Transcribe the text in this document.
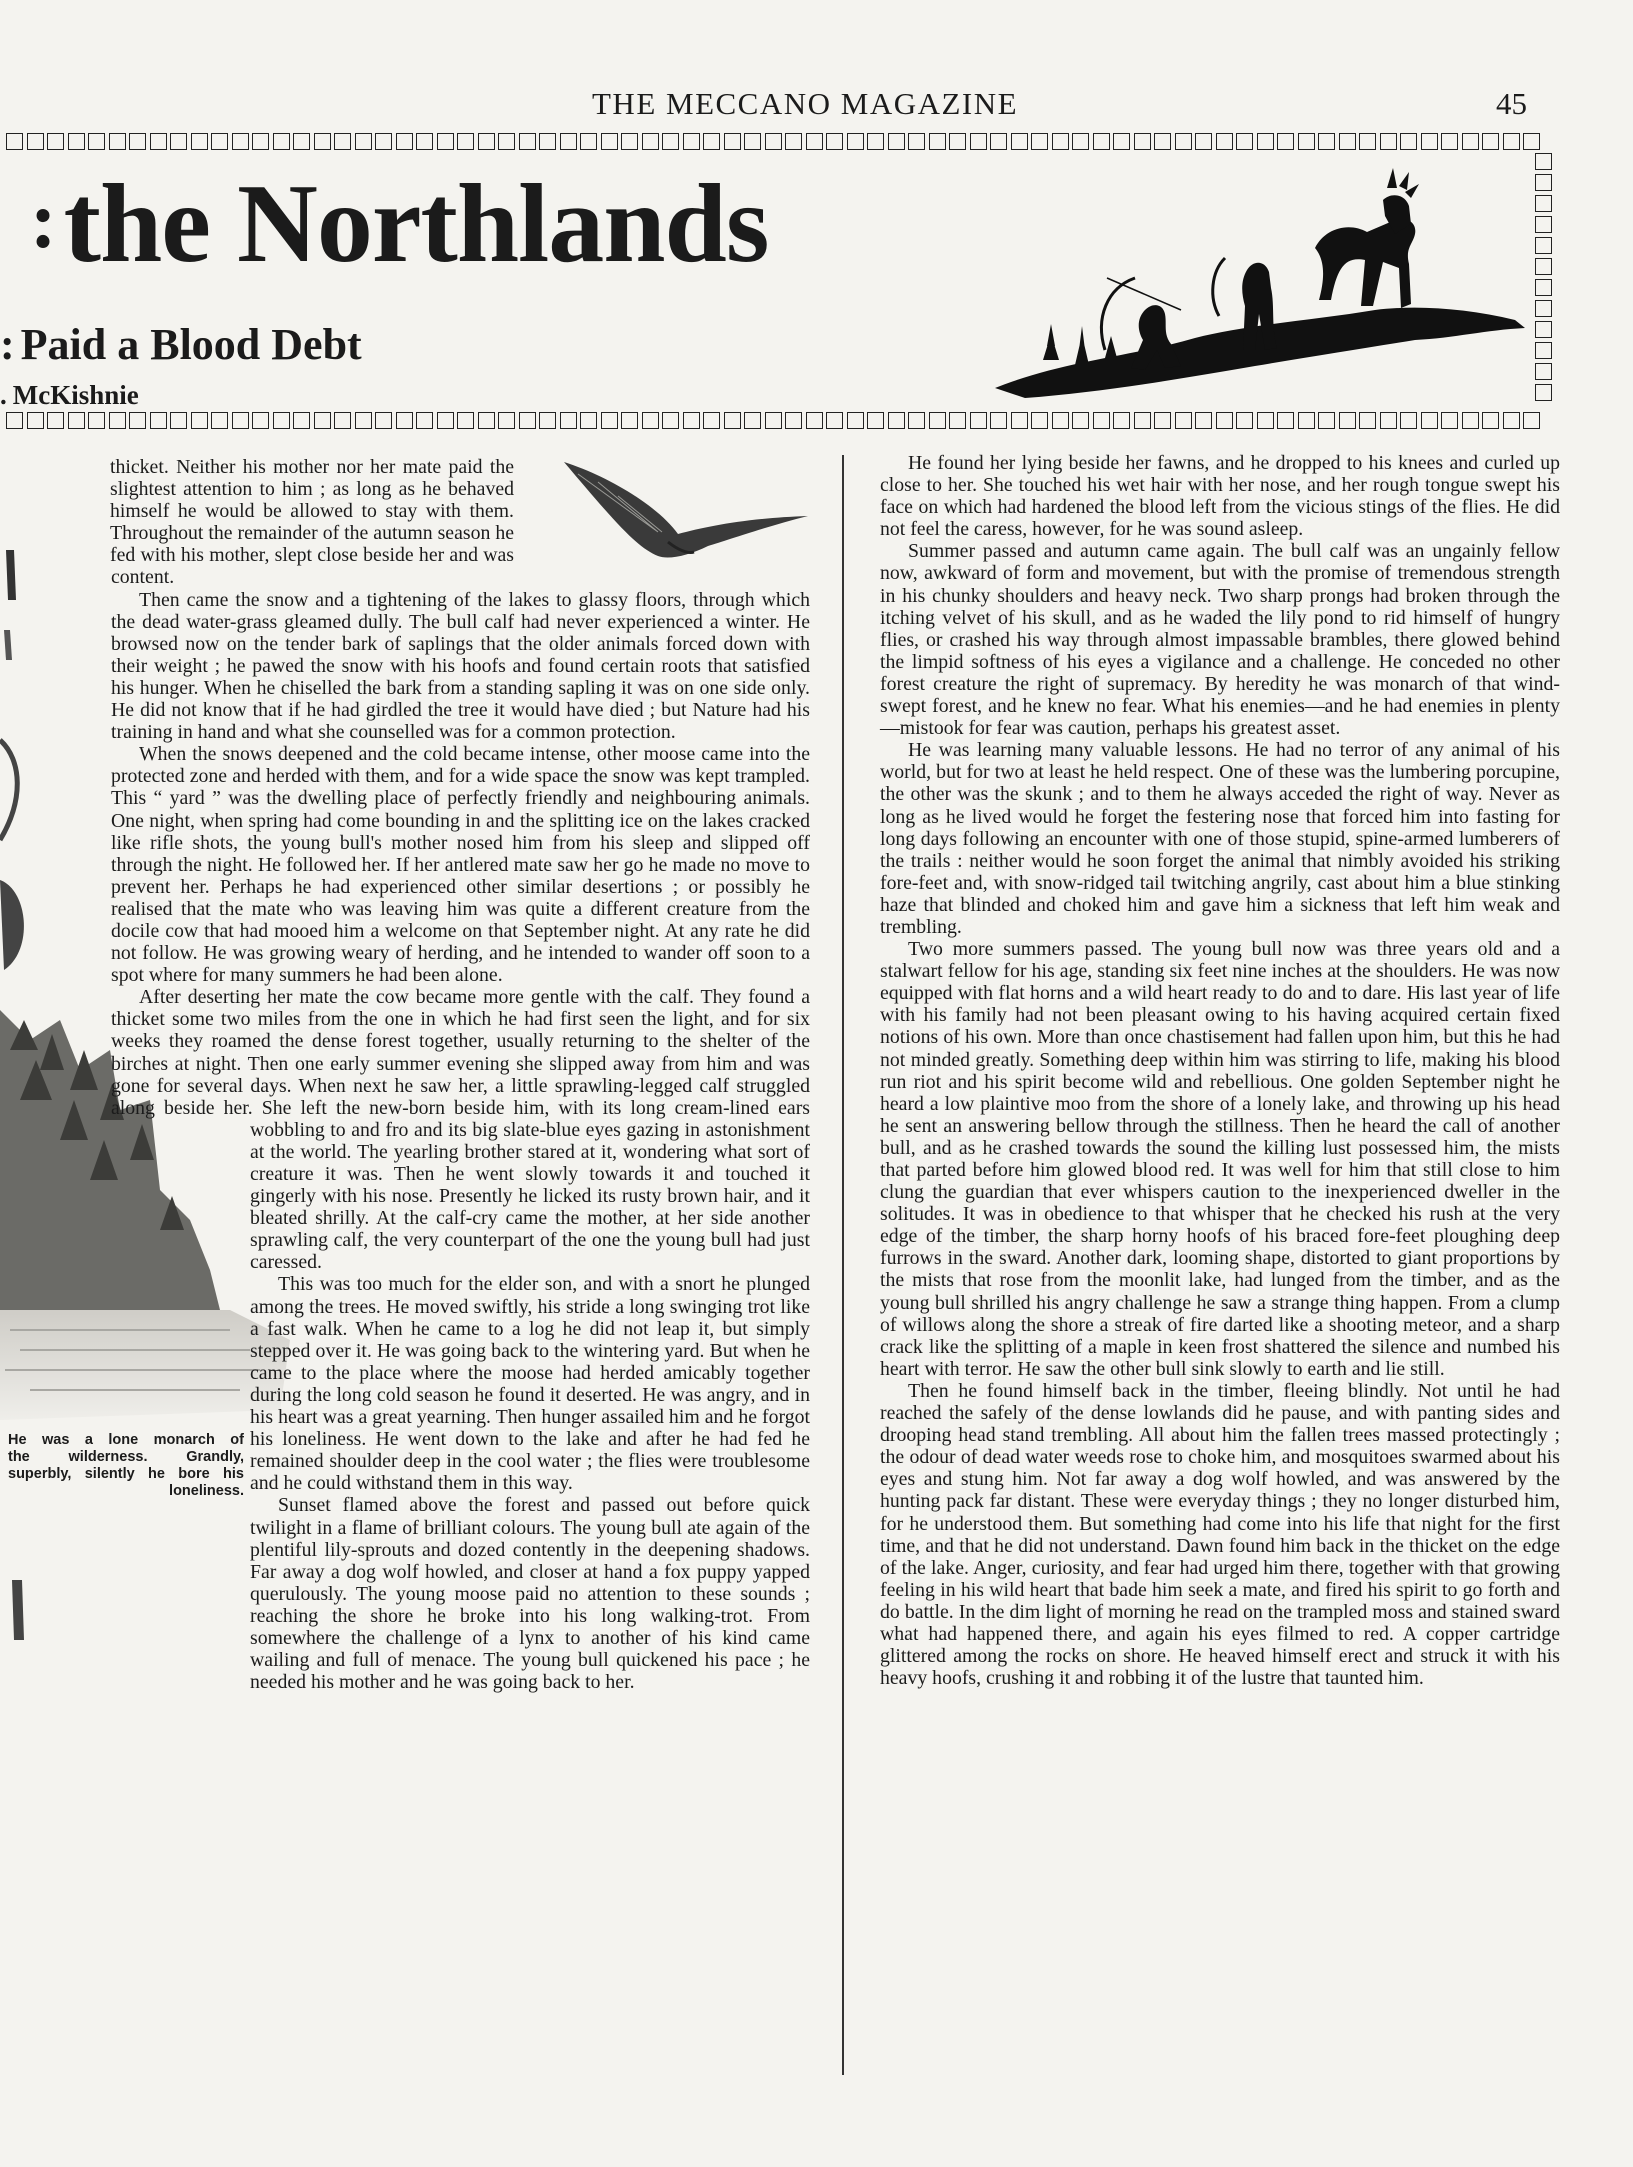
THE MECCANO MAGAZINE	45
:the Northlands
: Paid a Blood Debt
. McKishnie

thicket. Neither his mother nor her mate paid the slightest attention to him ; as long as he behaved himself he would be allowed to stay with them. Throughout the remainder of the autumn season he fed with his mother, slept close beside her and was content.

Then came the snow and a tightening of the lakes to glassy floors, through which the dead water-grass gleamed dully. The bull calf had never experienced a winter. He browsed now on the tender bark of saplings that the older animals forced down with their weight ; he pawed the snow with his hoofs and found certain roots that satisfied his hunger. When he chiselled the bark from a standing sapling it was on one side only. He did not know that if he had girdled the tree it would have died ; but Nature had his training in hand and what she counselled was for a common protection.

When the snows deepened and the cold became intense, other moose came into the protected zone and herded with them, and for a wide space the snow was kept trampled. This “ yard ” was the dwelling place of perfectly friendly and neighbouring animals. One night, when spring had come bounding in and the splitting ice on the lakes cracked like rifle shots, the young bull's mother nosed him from his sleep and slipped off through the night. He followed her. If her antlered mate saw her go he made no move to prevent her. Perhaps he had experienced other similar desertions ; or possibly he realised that the mate who was leaving him was quite a different creature from the docile cow that had mooed him a welcome on that September night. At any rate he did not follow. He was growing weary of herding, and he intended to wander off soon to a spot where for many summers he had been alone.

After deserting her mate the cow became more gentle with the calf. They found a thicket some two miles from the one in which he had first seen the light, and for six weeks they roamed the dense forest together, usually returning to the shelter of the birches at night. Then one early summer evening she slipped away from him and was gone for several days. When next he saw her, a little sprawling-legged calf struggled along beside her. She left the new-born beside him, with its long cream-lined ears wobbling to and fro and its big slate-blue eyes gazing in astonishment at the world. The yearling brother stared at it, wondering what sort of creature it was. Then he went slowly towards it and touched it gingerly with his nose. Presently he licked its rusty brown hair, and it bleated shrilly. At the calf-cry came the mother, at her side another sprawling calf, the very counterpart of the one the young bull had just caressed.

This was too much for the elder son, and with a snort he plunged among the trees. He moved swiftly, his stride a long swinging trot like a fast walk. When he came to a log he did not leap it, but simply stepped over it. He was going back to the wintering yard. But when he came to the place where the moose had herded amicably together during the long cold season he found it deserted. He was angry, and in his heart was a great yearning. Then hunger assailed him and he forgot his loneliness. He went down to the lake and after he had fed he remained shoulder deep in the cool water ; the flies were troublesome and he could withstand them in this way.

Sunset flamed above the forest and passed out before quick twilight in a flame of brilliant colours. The young bull ate again of the plentiful lily-sprouts and dozed contently in the deepening shadows. Far away a dog wolf howled, and closer at hand a fox puppy yapped querulously. The young moose paid no attention to these sounds ; reaching the shore he broke into his long walking-trot. From somewhere the challenge of a lynx to another of his kind came wailing and full of menace. The young bull quickened his pace ; he needed his mother and he was going back to her.

He was a lone monarch of
the wilderness. Grandly,
superbly, silently he bore his
loneliness.

He found her lying beside her fawns, and he dropped to his knees and curled up close to her. She touched his wet hair with her nose, and her rough tongue swept his face on which had hardened the blood left from the vicious stings of the flies. He did not feel the caress, however, for he was sound asleep.

Summer passed and autumn came again. The bull calf was an ungainly fellow now, awkward of form and movement, but with the promise of tremendous strength in his chunky shoulders and heavy neck. Two sharp prongs had broken through the itching velvet of his skull, and as he waded the lily pond to rid himself of hungry flies, or crashed his way through almost impassable brambles, there glowed behind the limpid softness of his eyes a vigilance and a challenge. He conceded no other forest creature the right of supremacy. By heredity he was monarch of that wind-swept forest, and he knew no fear. What his enemies—and he had enemies in plenty—mistook for fear was caution, perhaps his greatest asset.

He was learning many valuable lessons. He had no terror of any animal of his world, but for two at least he held respect. One of these was the lumbering porcupine, the other was the skunk ; and to them he always acceded the right of way. Never as long as he lived would he forget the festering nose that forced him into fasting for long days following an encounter with one of those stupid, spine-armed lumberers of the trails : neither would he soon forget the animal that nimbly avoided his striking fore-feet and, with snow-ridged tail twitching angrily, cast about him a blue stinking haze that blinded and choked him and gave him a sickness that left him weak and trembling.

Two more summers passed. The young bull now was three years old and a stalwart fellow for his age, standing six feet nine inches at the shoulders. He was now equipped with flat horns and a wild heart ready to do and to dare. His last year of life with his family had not been pleasant owing to his having acquired certain fixed notions of his own. More than once chastisement had fallen upon him, but this he had not minded greatly. Something deep within him was stirring to life, making his blood run riot and his spirit become wild and rebellious. One golden September night he heard a low plaintive moo from the shore of a lonely lake, and throwing up his head he sent an answering bellow through the stillness. Then he heard the call of another bull, and as he crashed towards the sound the killing lust possessed him, the mists that parted before him glowed blood red. It was well for him that still close to him clung the guardian that ever whispers caution to the inexperienced dweller in the solitudes. It was in obedience to that whisper that he checked his rush at the very edge of the timber, the sharp horny hoofs of his braced fore-feet ploughing deep furrows in the sward. Another dark, looming shape, distorted to giant proportions by the mists that rose from the moonlit lake, had lunged from the timber, and as the young bull shrilled his angry challenge he saw a strange thing happen. From a clump of willows along the shore a streak of fire darted like a shooting meteor, and a sharp crack like the splitting of a maple in keen frost shattered the silence and numbed his heart with terror. He saw the other bull sink slowly to earth and lie still.

Then he found himself back in the timber, fleeing blindly. Not until he had reached the safely of the dense lowlands did he pause, and with panting sides and drooping head stand trembling. All about him the fallen trees massed protectingly ; the odour of dead water weeds rose to choke him, and mosquitoes swarmed about his eyes and stung him. Not far away a dog wolf howled, and was answered by the hunting pack far distant. These were everyday things ; they no longer disturbed him, for he understood them. But something had come into his life that night for the first time, and that he did not understand. Dawn found him back in the thicket on the edge of the lake. Anger, curiosity, and fear had urged him there, together with that growing feeling in his wild heart that bade him seek a mate, and fired his spirit to go forth and do battle. In the dim light of morning he read on the trampled moss and stained sward what had happened there, and again his eyes filmed to red. A copper cartridge glittered among the rocks on shore. He heaved himself erect and struck it with his heavy hoofs, crushing it and robbing it of the lustre that taunted him.
